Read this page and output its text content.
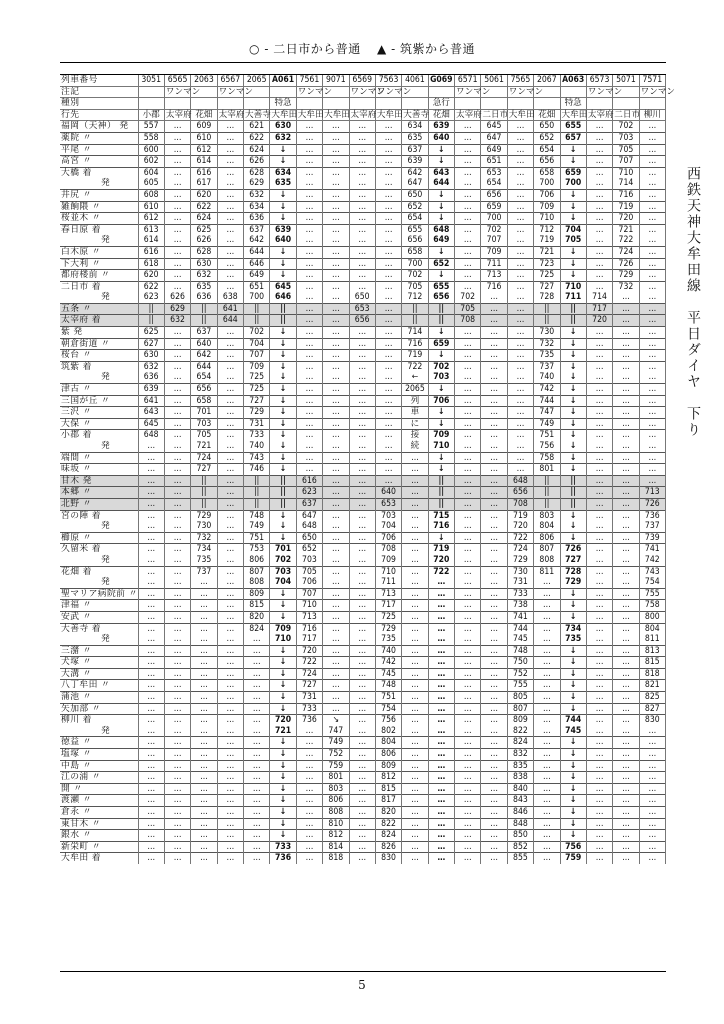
○ - 二日市から普通 ▲ - 筑紫から普通
列車番号	3051	6565	2063	6567	2065	A061	7561	9071	6569	7563	4061	G069	6571	5061	7565	2067	A063	6573	5071	7571
注記		ワンマン		ワンマン			ワンマン		ワンマン	ワンマン			ワンマン		ワンマン			ワンマン		ワンマン
種別						特急						急行					特急			
行先	小郡	太宰府	花畑	太宰府	大善寺	大牟田	大牟田	大牟田	太宰府	大牟田	大善寺	花畑	太宰府	二日市	大牟田	花畑	大牟田	太宰府	二日市	柳川
福岡（天神） 発	557	…	609	…	621	630	…	…	…	…	634	639	…	645	…	650	655	…	702	…
薬院 〃	558	…	610	…	622	632	…	…	…	…	635	640	…	647	…	652	657	…	703	…
平尾 〃	600	…	612	…	624	↓	…	…	…	…	637	↓	…	649	…	654	↓	…	705	…
高宮 〃	602	…	614	…	626	↓	…	…	…	…	639	↓	…	651	…	656	↓	…	707	…
大橋 着	604	…	616	…	628	634	…	…	…	…	642	643	…	653	…	658	659	…	710	…
　　　　 発	605	…	617	…	629	635	…	…	…	…	647	644	…	654	…	700	700	…	714	…
井尻 〃	608	…	620	…	632	↓	…	…	…	…	650	↓	…	656	…	706	↓	…	716	…
雑餉隈 〃	610	…	622	…	634	↓	…	…	…	…	652	↓	…	659	…	709	↓	…	719	…
桜並木 〃	612	…	624	…	636	↓	…	…	…	…	654	↓	…	700	…	710	↓	…	720	…
春日原 着	613	…	625	…	637	639	…	…	…	…	655	648	…	702	…	712	704	…	721	…
　　　　 発	614	…	626	…	642	640	…	…	…	…	656	649	…	707	…	719	705	…	722	…
白木原 〃	616	…	628	…	644	↓	…	…	…	…	658	↓	…	709	…	721	↓	…	724	…
下大利 〃	618	…	630	…	646	↓	…	…	…	…	700	652	…	711	…	723	↓	…	726	…
都府楼前 〃	620	…	632	…	649	↓	…	…	…	…	702	↓	…	713	…	725	↓	…	729	…
二日市 着	622	…	635	…	651	645	…	…	…	…	705	655	…	716	…	727	710	…	732	…
　　　　 発	623	626	636	638	700	646	…	…	650	…	712	656	702	…	…	728	711	714	…	…
五条 〃	||	629	||	641	||	||	…	…	653	…	||	||	705	…	…	||	||	717	…	…
太宰府 着	||	632	||	644	||	||	…	…	656	…	||	||	708	…	…	||	||	720	…	…
紫 発	625	…	637	…	702	↓	…	…	…	…	714	↓	…	…	…	730	↓	…	…	…
朝倉街道 〃	627	…	640	…	704	↓	…	…	…	…	716	659	…	…	…	732	↓	…	…	…
桜台 〃	630	…	642	…	707	↓	…	…	…	…	719	↓	…	…	…	735	↓	…	…	…
筑紫 着	632	…	644	…	709	↓	…	…	…	…	722	702	…	…	…	737	↓	…	…	…
　　　　 発	636	…	654	…	725	↓	…	…	…	…	←	703	…	…	…	740	↓	…	…	…
津古 〃	639	…	656	…	725	↓	…	…	…	…	2065	↓	…	…	…	742	↓	…	…	…
三国が丘 〃	641	…	658	…	727	↓	…	…	…	…	列	706	…	…	…	744	↓	…	…	…
三沢 〃	643	…	701	…	729	↓	…	…	…	…	車	↓	…	…	…	747	↓	…	…	…
大保 〃	645	…	703	…	731	↓	…	…	…	…	に	↓	…	…	…	749	↓	…	…	…
小郡 着	648	…	705	…	733	↓	…	…	…	…	接	709	…	…	…	751	↓	…	…	…
　　　　 発	…	…	721	…	740	↓	…	…	…	…	続	710	…	…	…	756	↓	…	…	…
端間 〃	…	…	724	…	743	↓	…	…	…	…	…	↓	…	…	…	758	↓	…	…	…
味坂 〃	…	…	727	…	746	↓	…	…	…	…	…	↓	…	…	…	801	↓	…	…	…
甘木 発	…	…	||	…	||	||	616	…	…	…	…	||	…	…	648	||	||	…	…	…
本郷 〃	…	…	||	…	||	||	623	…	…	640	…	||	…	…	656	||	||	…	…	713
北野 〃	…	…	||	…	||	||	637	…	…	653	…	||	…	…	708	||	||	…	…	726
宮の陣 着	…	…	729	…	748	↓	647	…	…	703	…	715	…	…	719	803	↓	…	…	736
　　　　 発	…	…	730	…	749	↓	648	…	…	704	…	716	…	…	720	804	↓	…	…	737
櫛原 〃	…	…	732	…	751	↓	650	…	…	706	…	↓	…	…	722	806	↓	…	…	739
久留米 着	…	…	734	…	753	701	652	…	…	708	…	719	…	…	724	807	726	…	…	741
　　　　 発	…	…	735	…	806	702	703	…	…	709	…	720	…	…	729	808	727	…	…	742
花畑 着	…	…	737	…	807	703	705	…	…	710	…	722	…	…	730	811	728	…	…	743
　　　　 発	…	…	…	…	808	704	706	…	…	711	…	…	…	…	731	…	729	…	…	754
聖マリア病院前 〃	…	…	…	…	809	↓	707	…	…	713	…	…	…	…	733	…	↓	…	…	755
津福 〃	…	…	…	…	815	↓	710	…	…	717	…	…	…	…	738	…	↓	…	…	758
安武 〃	…	…	…	…	820	↓	713	…	…	725	…	…	…	…	741	…	↓	…	…	800
大善寺 着	…	…	…	…	824	709	716	…	…	729	…	…	…	…	744	…	734	…	…	804
　　　　 発	…	…	…	…	…	710	717	…	…	735	…	…	…	…	745	…	735	…	…	811
三潴 〃	…	…	…	…	…	↓	720	…	…	740	…	…	…	…	748	…	↓	…	…	813
犬塚 〃	…	…	…	…	…	↓	722	…	…	742	…	…	…	…	750	…	↓	…	…	815
大溝 〃	…	…	…	…	…	↓	724	…	…	745	…	…	…	…	752	…	↓	…	…	818
八丁牟田 〃	…	…	…	…	…	↓	727	…	…	748	…	…	…	…	755	…	↓	…	…	821
蒲池 〃	…	…	…	…	…	↓	731	…	…	751	…	…	…	…	805	…	↓	…	…	825
矢加部 〃	…	…	…	…	…	↓	733	…	…	754	…	…	…	…	807	…	↓	…	…	827
柳川 着	…	…	…	…	…	720	736	↘	…	756	…	…	…	…	809	…	744	…	…	830
　　　　 発	…	…	…	…	…	721	…	747	…	802	…	…	…	…	822	…	745	…	…	…
徳益 〃	…	…	…	…	…	↓	…	749	…	804	…	…	…	…	824	…	↓	…	…	…
塩塚 〃	…	…	…	…	…	↓	…	752	…	806	…	…	…	…	832	…	↓	…	…	…
中島 〃	…	…	…	…	…	↓	…	759	…	809	…	…	…	…	835	…	↓	…	…	…
江の浦 〃	…	…	…	…	…	↓	…	801	…	812	…	…	…	…	838	…	↓	…	…	…
開 〃	…	…	…	…	…	↓	…	803	…	815	…	…	…	…	840	…	↓	…	…	…
渡瀬 〃	…	…	…	…	…	↓	…	806	…	817	…	…	…	…	843	…	↓	…	…	…
倉永 〃	…	…	…	…	…	↓	…	808	…	820	…	…	…	…	846	…	↓	…	…	…
東甘木 〃	…	…	…	…	…	↓	…	810	…	822	…	…	…	…	848	…	↓	…	…	…
銀水 〃	…	…	…	…	…	↓	…	812	…	824	…	…	…	…	850	…	↓	…	…	…
新栄町 〃	…	…	…	…	…	733	…	814	…	826	…	…	…	…	852	…	756	…	…	…
大牟田 着	…	…	…	…	…	736	…	818	…	830	…	…	…	…	855	…	759	…	…	…
西鉄天神大牟田線　平日ダイヤ　下り
5
